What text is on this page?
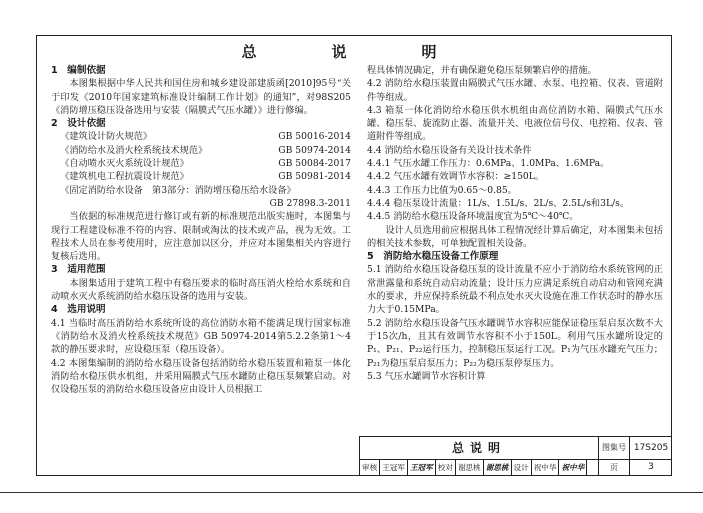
总　说　明
1　编制依据
本图集根据中华人民共和国住房和城乡建设部建质函[2010]95号“关于印发《2010年国家建筑标准设计编制工作计划》的通知”，对98S205《消防增压稳压设备选用与安装（隔膜式气压水罐）》进行修编。
2　设计依据
《建筑设计防火规范》	GB 50016-2014
《消防给水及消火栓系统技术规范》	GB 50974-2014
《自动喷水灭火系统设计规范》	GB 50084-2017
《建筑机电工程抗震设计规范》	GB 50981-2014
《固定消防给水设备　第3部分：消防增压稳压给水设备》
GB 27898.3-2011
当依据的标准规范进行修订或有新的标准规范出版实施时，本图集与现行工程建设标准不符的内容、限制或淘汰的技术或产品，视为无效。工程技术人员在参考使用时，应注意加以区分，并应对本图集相关内容进行复核后选用。
3　适用范围
本图集适用于建筑工程中有稳压要求的临时高压消火栓给水系统和自动喷水灭火系统消防给水稳压设备的选用与安装。
4　选用说明
4.1 当临时高压消防给水系统所设的高位消防水箱不能满足现行国家标准《消防给水及消火栓系统技术规范》GB 50974-2014第5.2.2条第1～4款的静压要求时，应设稳压泵（稳压设备）。
4.2 本图集编制的消防给水稳压设备包括消防给水稳压装置和箱泵一体化消防给水稳压供水机组，并采用隔膜式气压水罐防止稳压泵频繁启动。对仅设稳压泵的消防给水稳压设备应由设计人员根据工
程具体情况确定，并有确保避免稳压泵频繁启停的措施。
4.2 消防给水稳压装置由隔膜式气压水罐、水泵、电控箱、仪表、管道附件等组成。
4.3 箱泵一体化消防给水稳压供水机组由高位消防水箱、隔膜式气压水罐、稳压泵、旋流防止器、流量开关、电液位信号仪、电控箱、仪表、管道附件等组成。
4.4 消防给水稳压设备有关设计技术条件
4.4.1 气压水罐工作压力：0.6MPa、1.0MPa、1.6MPa。
4.4.2 气压水罐有效调节水容积：≥150L。
4.4.3 工作压力比值为0.65～0.85。
4.4.4 稳压泵设计流量：1L/s、1.5L/s、2L/s、2.5L/s和3L/s。
4.4.5 消防给水稳压设备环境温度宜为5℃～40℃。
设计人员选用前应根据具体工程情况经计算后确定，对本图集未包括的相关技术参数，可单独配置相关设备。
5　消防给水稳压设备工作原理
5.1 消防给水稳压设备稳压泵的设计流量不应小于消防给水系统管网的正常泄露量和系统自动启动流量；设计压力应满足系统自动启动和管网充满水的要求，并应保持系统最不利点处水灭火设施在准工作状态时的静水压力大于0.15MPa。
5.2 消防给水稳压设备气压水罐调节水容积应能保证稳压泵启泵次数不大于15次/h，且其有效调节水容积不小于150L。利用气压水罐所设定的P₁、P₂₁、P₂₂运行压力，控制稳压泵运行工况。P₁为气压水罐充气压力；P₂₁为稳压泵启泵压力；P₂₂为稳压泵停泵压力。
5.3 气压水罐调节水容积计算
总说明	图集号 17S205
审核 王冠军 王冠军 校对 谢思桃 谢思桃 设计 祝中华 祝中华	页	3
